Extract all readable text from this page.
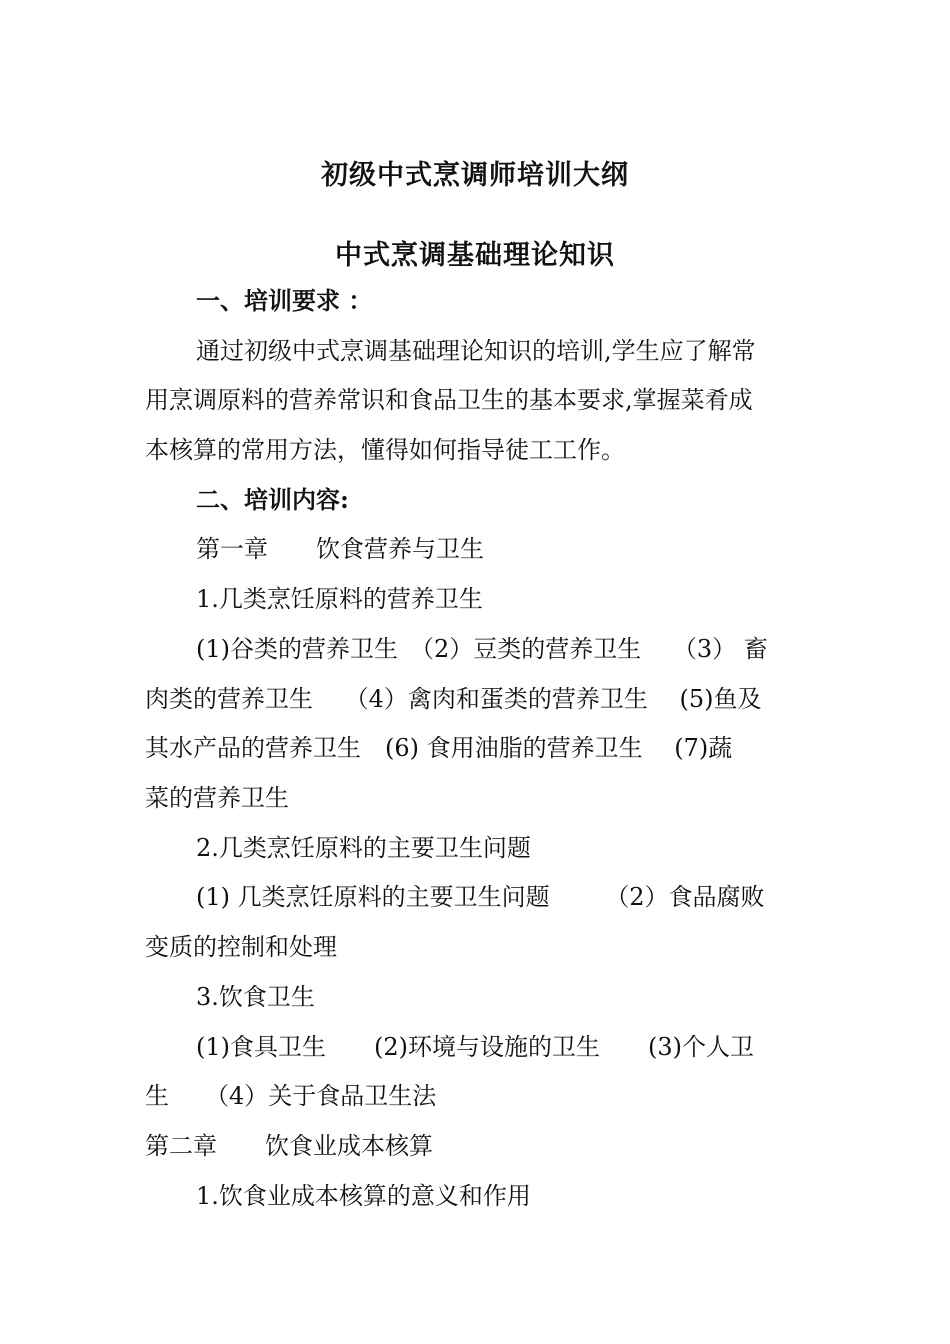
初级中式烹调师培训大纲
中式烹调基础理论知识
一、培训要求 ：
通过初级中式烹调基础理论知识的培训,学生应了解常
用烹调原料的营养常识和食品卫生的基本要求,掌握菜肴成
本核算的常用方法，懂得如何指导徒工工作。
二、培训内容:
第一章　　饮食营养与卫生
1.几类烹饪原料的营养卫生
(1)谷类的营养卫生　（2）豆类的营养卫生　 （3） 畜
肉类的营养卫生　 （4）禽肉和蛋类的营养卫生　 (5)鱼及
其水产品的营养卫生　(6) 食用油脂的营养卫生　 (7)蔬
菜的营养卫生
2.几类烹饪原料的主要卫生问题
(1) 几类烹饪原料的主要卫生问题　　 （2）食品腐败
变质的控制和处理
3.饮食卫生
(1)食具卫生　　(2)环境与设施的卫生　　(3)个人卫
生　　（4）关于食品卫生法
第二章　　饮食业成本核算
1.饮食业成本核算的意义和作用
